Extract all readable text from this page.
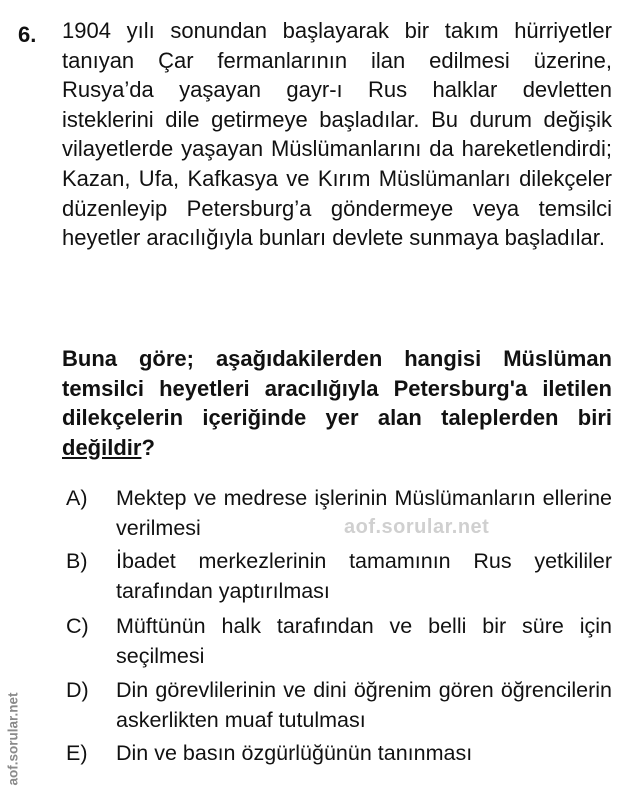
6. 1904 yılı sonundan başlayarak bir takım hürriyetler tanıyan Çar fermanlarının ilan edilmesi üzerine, Rusya’da yaşayan gayr-ı Rus halklar devletten isteklerini dile getirmeye başladılar. Bu durum değişik vilayetlerde yaşayan Müslümanlarını da hareketlendirdi; Kazan, Ufa, Kafkasya ve Kırım Müslümanları dilekçeler düzenleyip Petersburg’a göndermeye veya temsilci heyetler aracılığıyla bunları devlete sunmaya başladılar.

Buna göre; aşağıdakilerden hangisi Müslüman temsilci heyetleri aracılığıyla Petersburg'a iletilen dilekçelerin içeriğinde yer alan taleplerden biri değildir?

A) Mektep ve medrese işlerinin Müslümanların ellerine verilmesi
B) İbadet merkezlerinin tamamının Rus yetkililer tarafından yaptırılması
C) Müftünün halk tarafından ve belli bir süre için seçilmesi
D) Din görevlilerinin ve dini öğrenim gören öğrencilerin askerlikten muaf tutulması
E) Din ve basın özgürlüğünün tanınması
aof.sorular.net
aof.sorular.net
